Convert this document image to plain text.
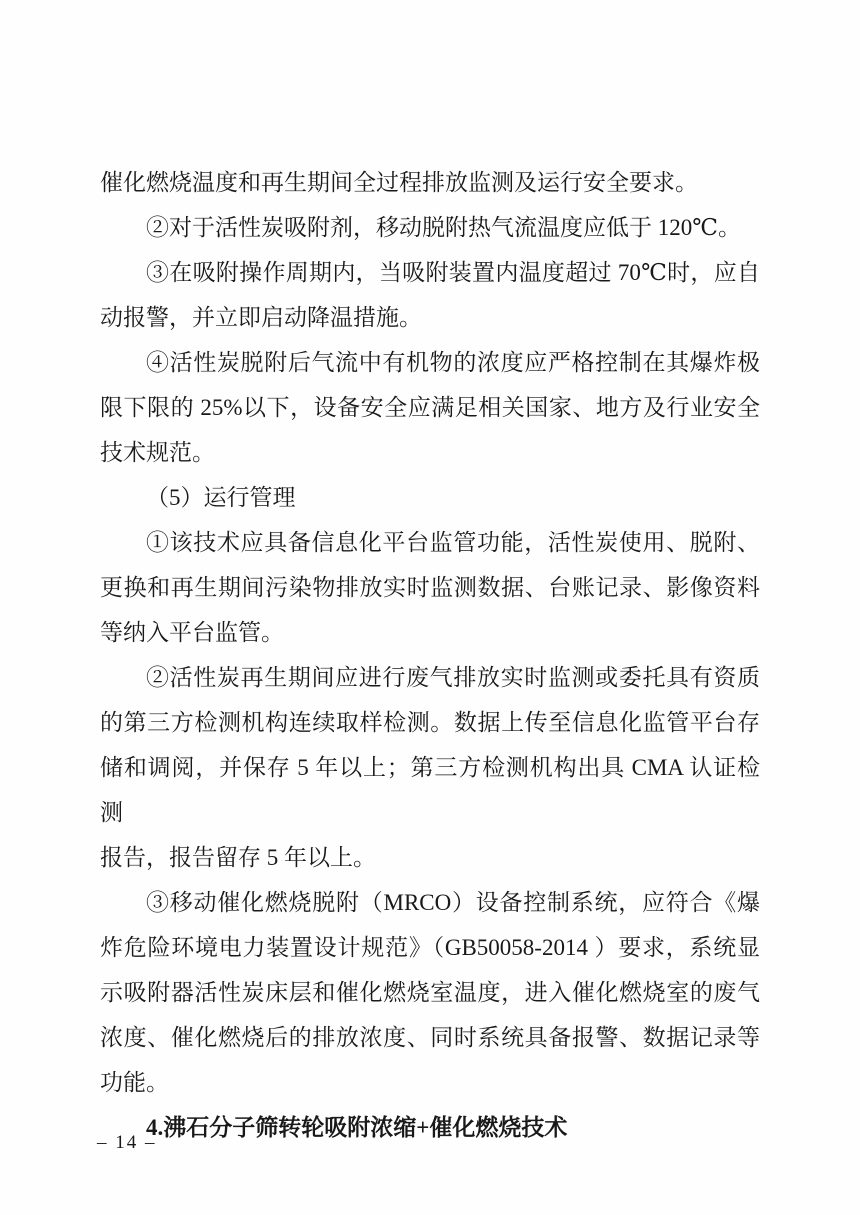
催化燃烧温度和再生期间全过程排放监测及运行安全要求。
②对于活性炭吸附剂，移动脱附热气流温度应低于 120℃。
③在吸附操作周期内，当吸附装置内温度超过 70℃时，应自
动报警，并立即启动降温措施。
④活性炭脱附后气流中有机物的浓度应严格控制在其爆炸极
限下限的 25%以下，设备安全应满足相关国家、地方及行业安全
技术规范。
（5）运行管理
①该技术应具备信息化平台监管功能，活性炭使用、脱附、
更换和再生期间污染物排放实时监测数据、台账记录、影像资料
等纳入平台监管。
②活性炭再生期间应进行废气排放实时监测或委托具有资质
的第三方检测机构连续取样检测。数据上传至信息化监管平台存
储和调阅，并保存 5 年以上；第三方检测机构出具 CMA 认证检测
报告，报告留存 5 年以上。
③移动催化燃烧脱附（MRCO）设备控制系统，应符合《爆
炸危险环境电力装置设计规范》（GB50058-2014 ）要求，系统显
示吸附器活性炭床层和催化燃烧室温度，进入催化燃烧室的废气
浓度、催化燃烧后的排放浓度、同时系统具备报警、数据记录等
功能。
4.沸石分子筛转轮吸附浓缩+催化燃烧技术
– 14 –
